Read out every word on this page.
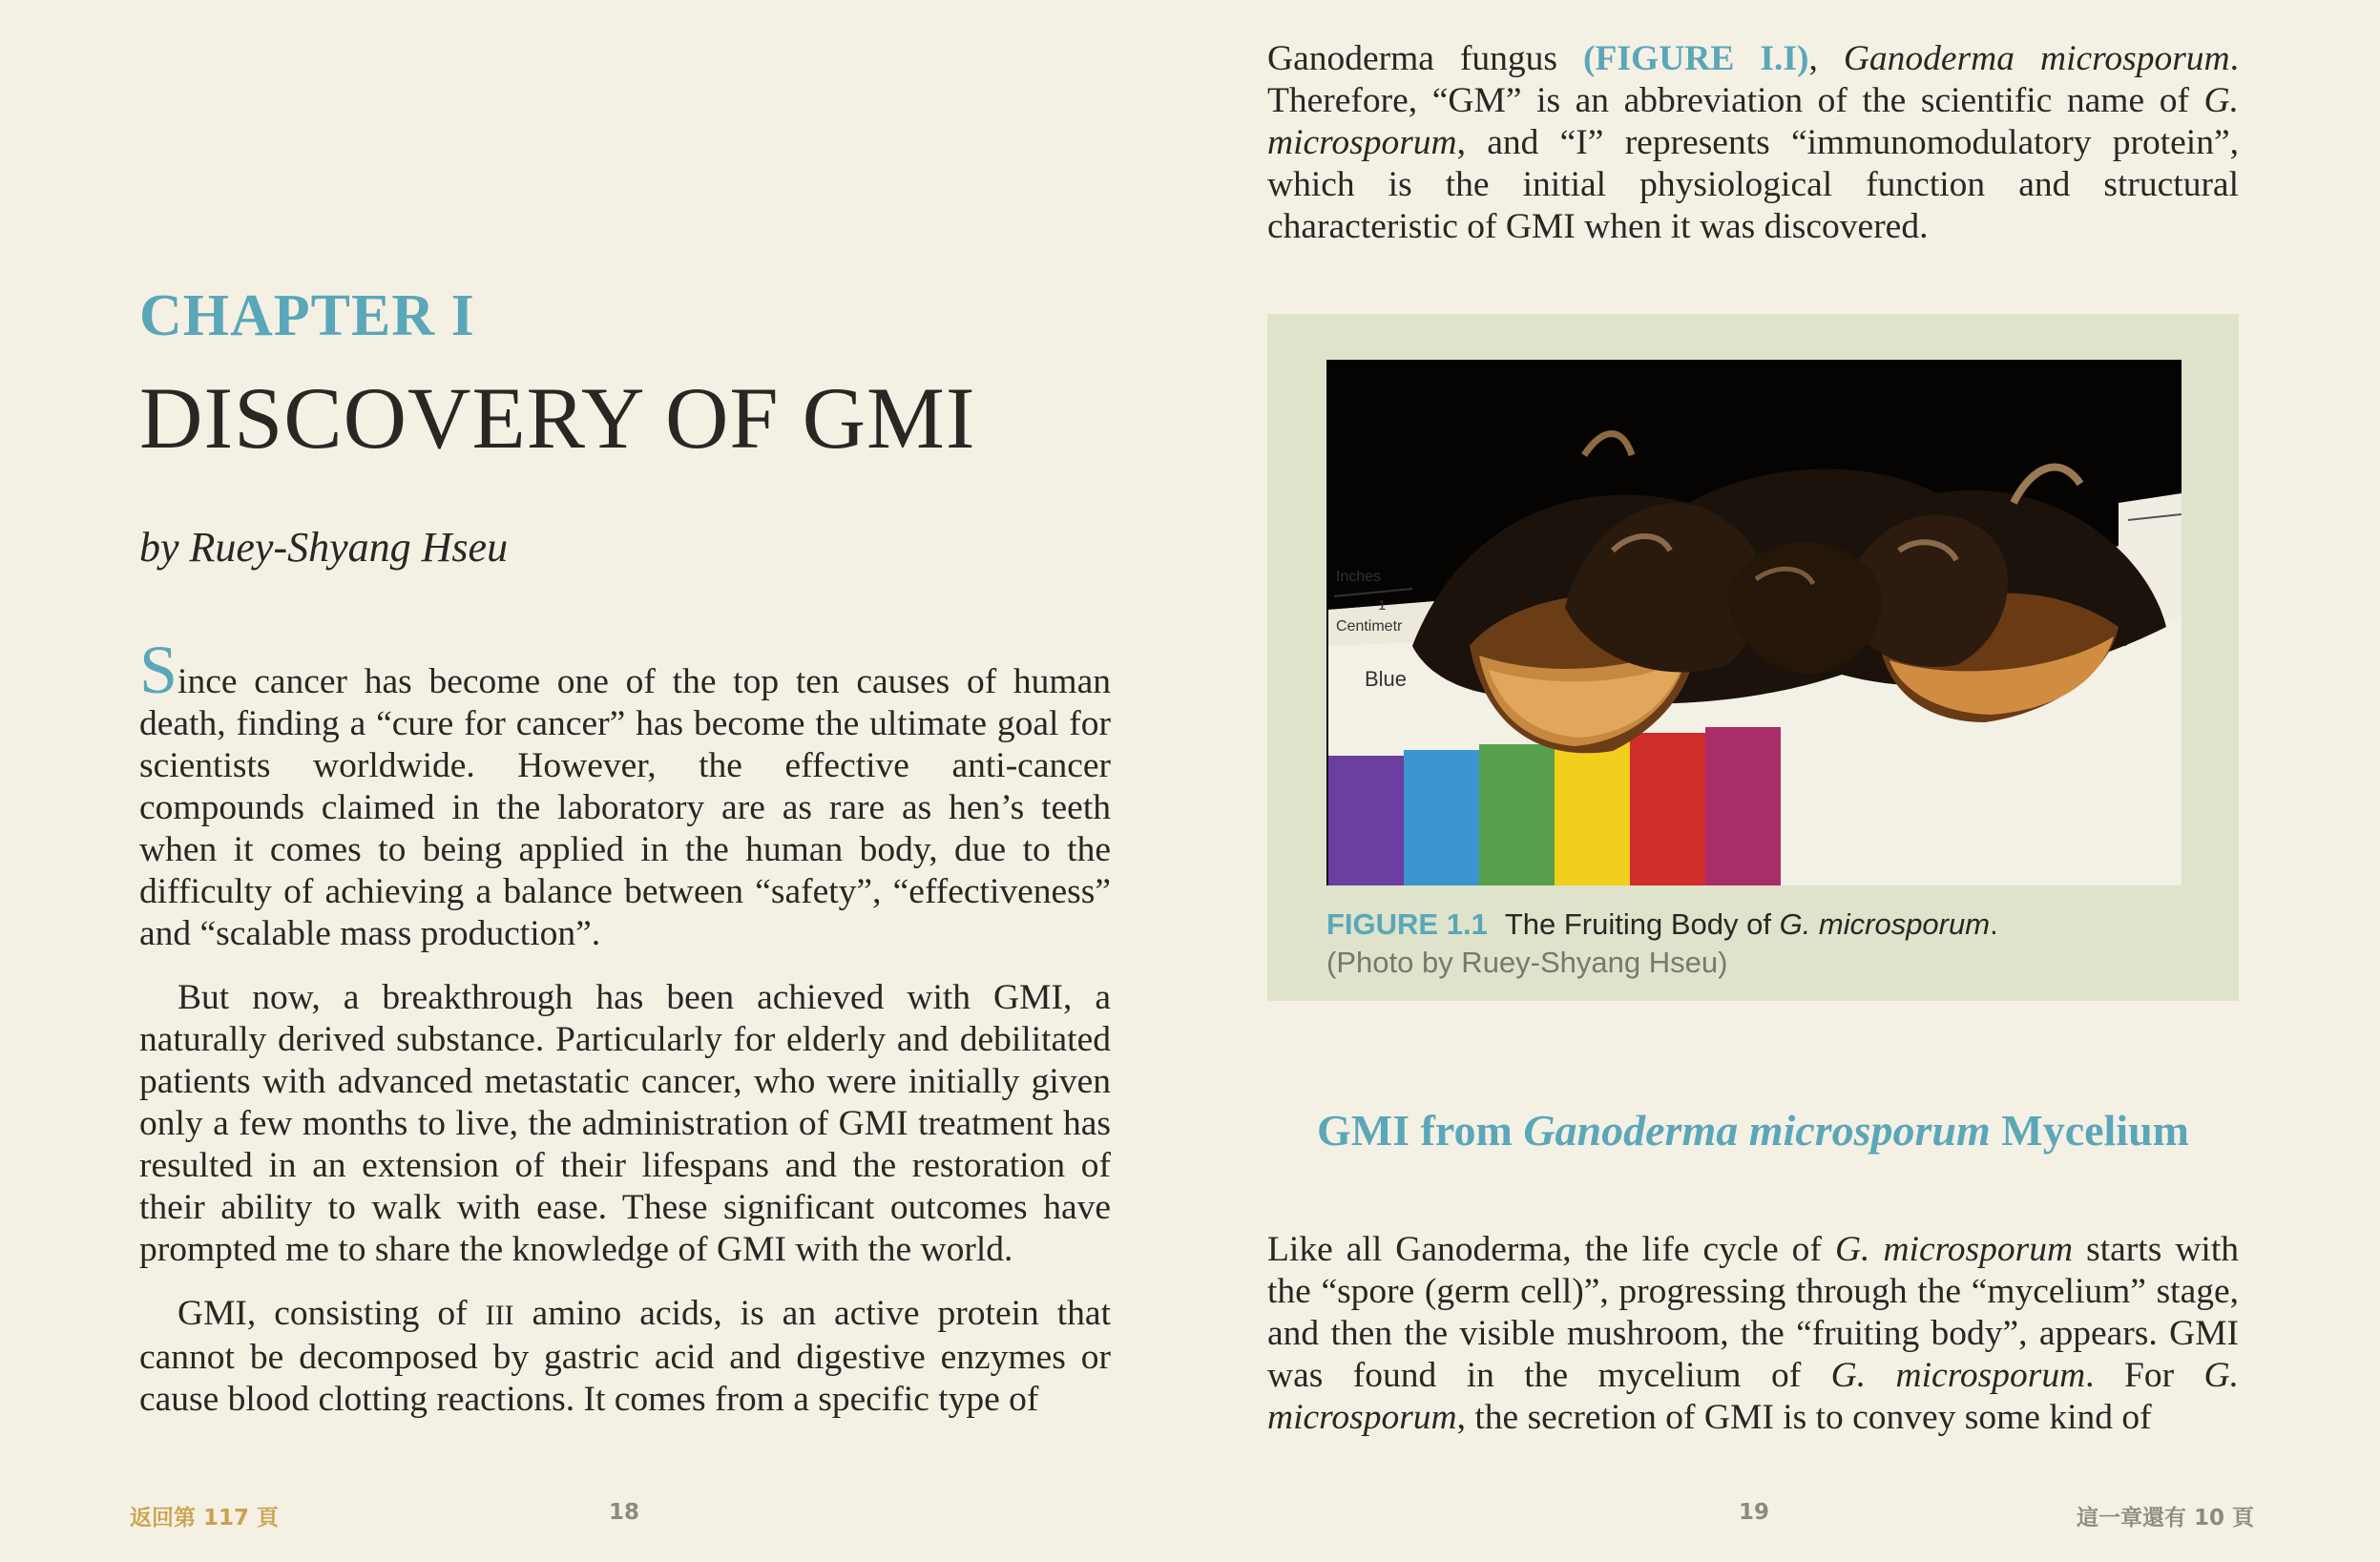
CHAPTER I
DISCOVERY OF GMI
by Ruey-Shyang Hseu

Since cancer has become one of the top ten causes of human death, finding a “cure for cancer” has become the ultimate goal for scientists worldwide. However, the effective anti-cancer compounds claimed in the laboratory are as rare as hen’s teeth when it comes to being applied in the human body, due to the difficulty of achieving a balance between “safety”, “effectiveness” and “scalable mass production”.

But now, a breakthrough has been achieved with GMI, a naturally derived substance. Particularly for elderly and debilitated patients with advanced metastatic cancer, who were initially given only a few months to live, the administration of GMI treatment has resulted in an extension of their lifespans and the restoration of their ability to walk with ease. These significant outcomes have prompted me to share the knowledge of GMI with the world.

GMI, consisting of III amino acids, is an active protein that cannot be decomposed by gastric acid and digestive enzymes or cause blood clotting reactions. It comes from a specific type of

Ganoderma fungus (FIGURE I.I), Ganoderma microsporum. Therefore, “GM” is an abbreviation of the scientific name of G. microsporum, and “I” represents “immunomodulatory protein”, which is the initial physiological function and structural characteristic of GMI when it was discovered.

Inches
1
Centimetr
Blue
FIGURE 1.1 The Fruiting Body of G. microsporum.
(Photo by Ruey-Shyang Hseu)
GMI from Ganoderma microsporum Mycelium

Like all Ganoderma, the life cycle of G. microsporum starts with the “spore (germ cell)”, progressing through the “mycelium” stage, and then the visible mushroom, the “fruiting body”, appears. GMI was found in the mycelium of G. microsporum. For G. microsporum, the secretion of GMI is to convey some kind of

返回第 117 頁	18	19	這一章還有 10 頁
